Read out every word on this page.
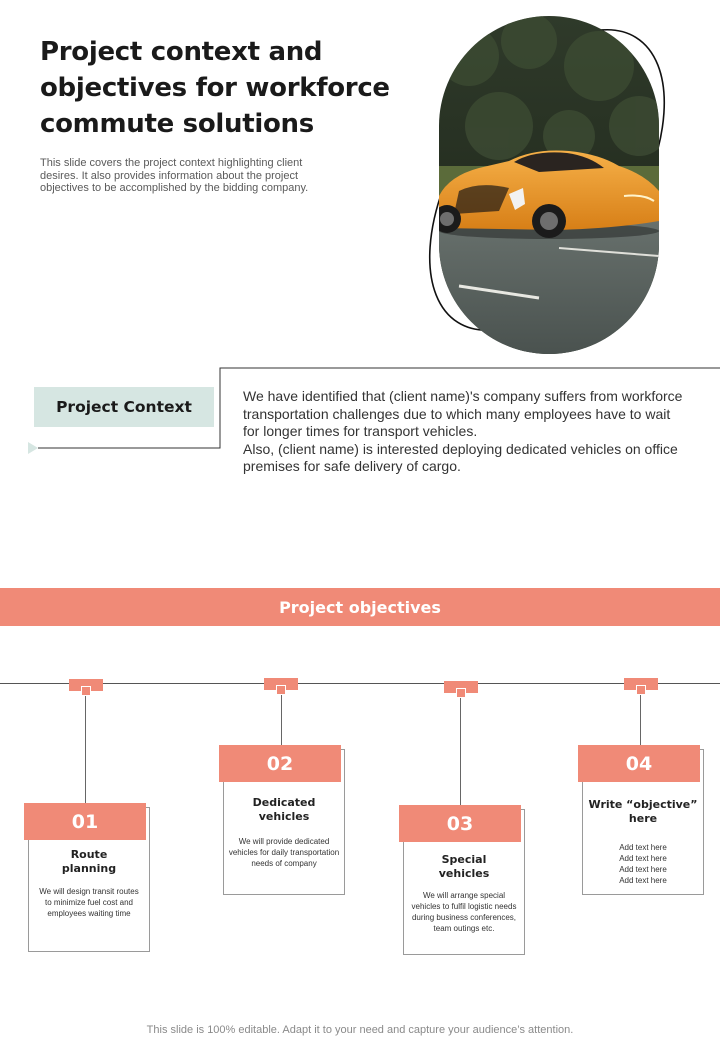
Project context and
objectives for workforce
commute solutions

This slide covers the project context highlighting client desires. It also provides information about the project objectives to be accomplished by the bidding company.

Project Context

We have identified that (client name)'s company suffers from workforce transportation challenges due to which many employees have to wait for longer times for transport vehicles.

Also, (client name) is interested deploying dedicated vehicles on office premises for safe delivery of cargo.

Project objectives
01
Route planning
We will design transit routes to minimize fuel cost and employees waiting time
02
Dedicated vehicles
We will provide dedicated vehicles for daily transportation needs of company
03
Special vehicles
We will arrange special vehicles to fulfil logistic needs during business conferences, team outings etc.
04
Write “objective” here
Add text here
Add text here
Add text here
Add text here
This slide is 100% editable. Adapt it to your need and capture your audience’s attention.
